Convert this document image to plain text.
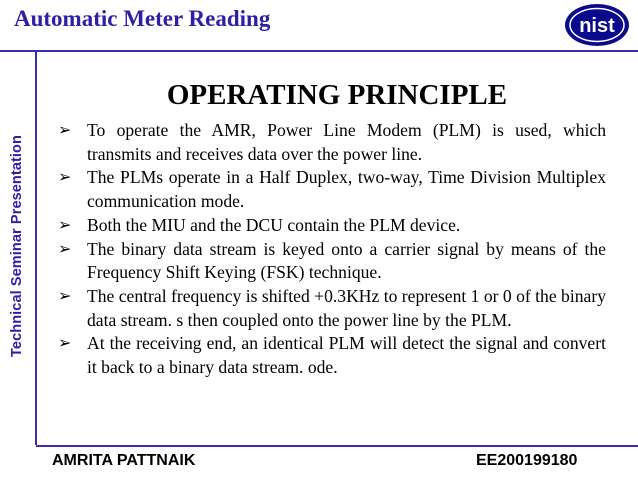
Automatic Meter Reading	nist
Technical Seminar Presentation
OPERATING PRINCIPLE
➢ To operate the AMR, Power Line Modem (PLM) is used, which transmits and receives data over the power line.
➢ The PLMs operate in a Half Duplex, two-way, Time Division Multiplex communication mode.
➢ Both the MIU and the DCU contain the PLM device.
➢ The binary data stream is keyed onto a carrier signal by means of the Frequency Shift Keying (FSK) technique.
➢ The central frequency is shifted +0.3KHz to represent 1 or 0 of the binary data stream. s then coupled onto the power line by the PLM.
➢ At the receiving end, an identical PLM will detect the signal and convert it back to a binary data stream. ode.
AMRITA PATTNAIK	EE200199180
